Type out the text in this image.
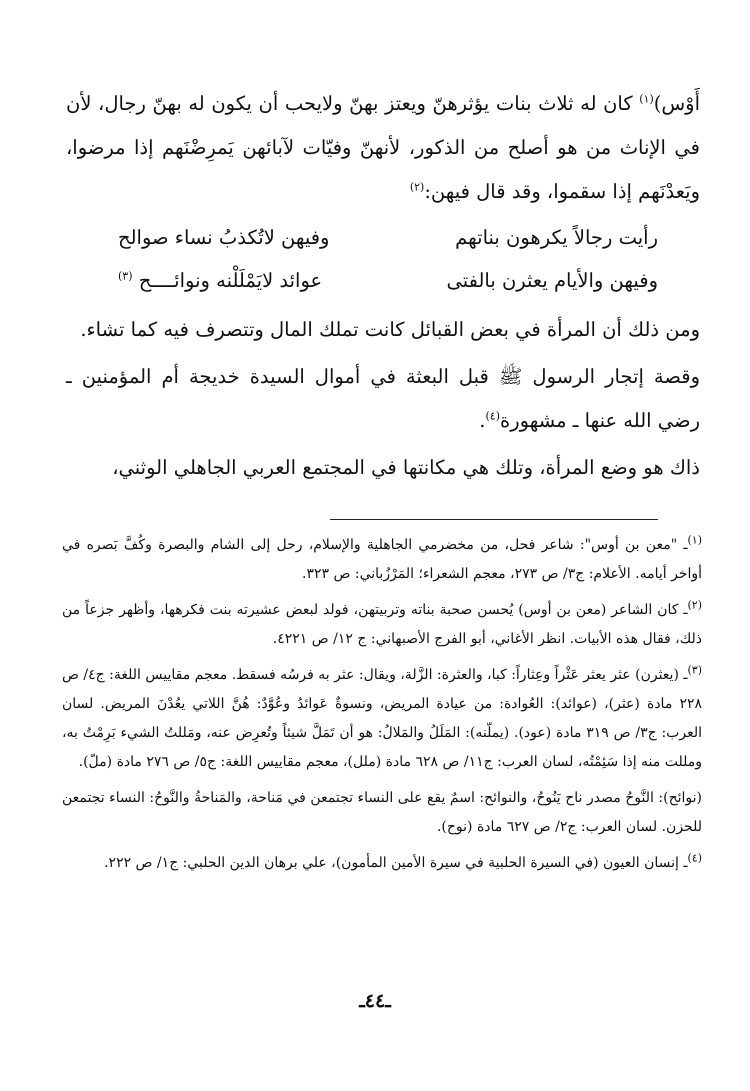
أَوْس)$^{(١)}$ كان له ثلاث بنات يؤثرهنّ ويعتز بهنّ ولايحب أن يكون له بهنّ رجال، لأن في الإناث من هو أصلح من الذكور، لأنهنّ وفيّات لآبائهن يَمرِضْنَهم إذا مرضوا، ويَعدْنَهم إذا سقموا، وقد قال فيهن:$^{(٢)}$

رأيت رجالاً يكرهون بناتهم
وفيهن لاتُكذبُ نساء صوالح
وفيهن والأيام يعثرن بالفتى
عوائد لايَمْلَلْنه ونوائــــح $^{(٣)}$

ومن ذلك أن المرأة في بعض القبائل كانت تملك المال وتتصرف فيه كما تشاء.

وقصة إتجار الرسول ﷺ قبل البعثة في أموال السيدة خديجة أم المؤمنين ـ رضي الله عنها ـ مشهورة$^{(٤)}$.

ذاك هو وضع المرأة، وتلك هي مكانتها في المجتمع العربي الجاهلي الوثني،

$^{(١)}$ـ "معن بن أوس": شاعر فحل، من مخضرمي الجاهلية والإسلام، رحل إلى الشام والبصرة وكُفَّ بَصره في أواخر أيامه. الأعلام: ج٣/ ص ٢٧٣، معجم الشعراء؛ المَرْزُباني: ص ٣٢٣.

$^{(٢)}$ـ كان الشاعر (معن بن أوس) يُحسن صحبة بناته وتربيتهن، فولد لبعض عشيرته بنت فكرهها، وأظهر جزعاً من ذلك، فقال هذه الأبيات. انظر الأغاني، أبو الفرج الأصبهاني: ج ١٢/ ص ٤٢٢١.

$^{(٣)}$ـ (يعثرن) عثر يعثر عَثْراً وعِثاراً: كبا، والعثرة: الزَّلة، ويقال: عثر به فرسُه فسقط. معجم مقاييس اللغة: ج٤/ ص ٢٢٨ مادة (عثر)، (عوائد): العُوادة: من عيادة المريض، ونسوةٌ عَوائدُ وعُوَّدٌ: هُنَّ اللاتي يعُدْنَ المريض. لسان العرب: ج٣/ ص ٣١٩ مادة (عود). (يملّنه): المَلَلُ والمَلالُ: هو أن تَمَلَّ شيئاً وتُعرِض عنه، ومَللتُ الشيء بَرِمْتُ به، ومللت منه إذا سَئِمْتُه، لسان العرب: ج١١/ ص ٦٢٨ مادة (ملل)، معجم مقاييس اللغة: ج٥/ ص ٢٧٦ مادة (ملّ).

(نوائح): النَّوحُ مصدر ناح يَنُوحُ، والنوائح: اسمٌ يقع على النساء تجتمعن في مَناحة، والمَناحةُ والنَّوحُ: النساء تجتمعن للحزن. لسان العرب: ج٢/ ص ٦٢٧ مادة (نوح).

$^{(٤)}$ـ إنسان العيون (في السيرة الحلبية في سيرة الأمين المأمون)، علي برهان الدين الحلبي: ج١/ ص ٢٢٢.

ـ٤٤ـ
